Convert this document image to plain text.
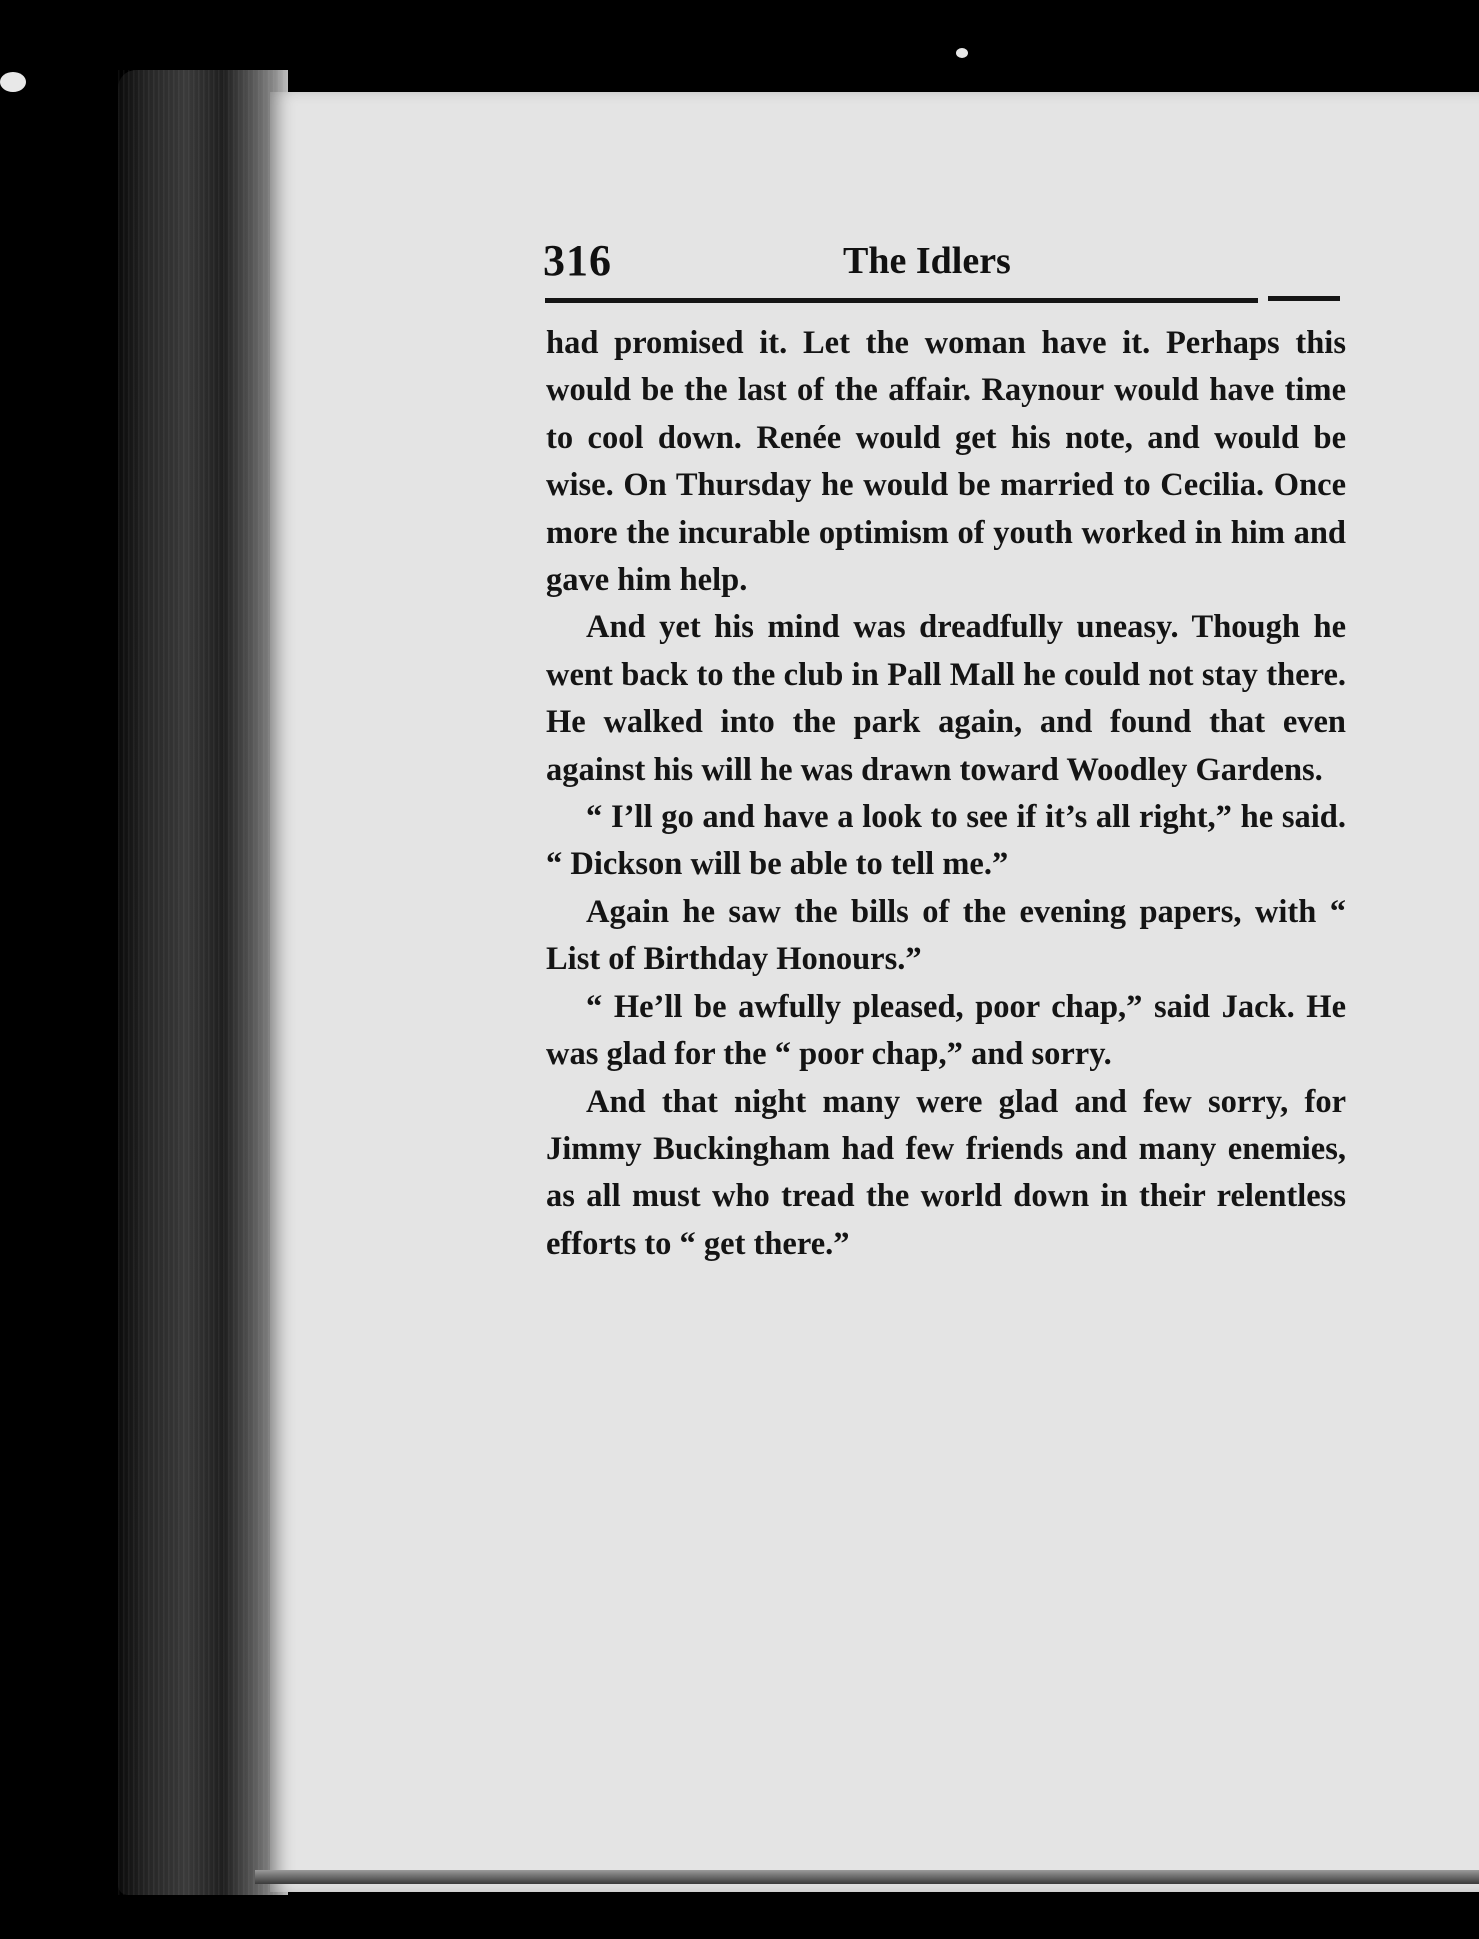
316	The Idlers

had promised it. Let the woman have it. Perhaps this would be the last of the affair. Raynour would have time to cool down. Renée would get his note, and would be wise. On Thursday he would be married to Cecilia. Once more the incurable optimism of youth worked in him and gave him help.

And yet his mind was dreadfully uneasy. Though he went back to the club in Pall Mall he could not stay there. He walked into the park again, and found that even against his will he was drawn toward Woodley Gardens.

“ I’ll go and have a look to see if it’s all right,” he said. “ Dickson will be able to tell me.”

Again he saw the bills of the evening papers, with “ List of Birthday Honours.”

“ He’ll be awfully pleased, poor chap,” said Jack. He was glad for the “ poor chap,” and sorry.

And that night many were glad and few sorry, for Jimmy Buckingham had few friends and many enemies, as all must who tread the world down in their relentless efforts to “ get there.”
